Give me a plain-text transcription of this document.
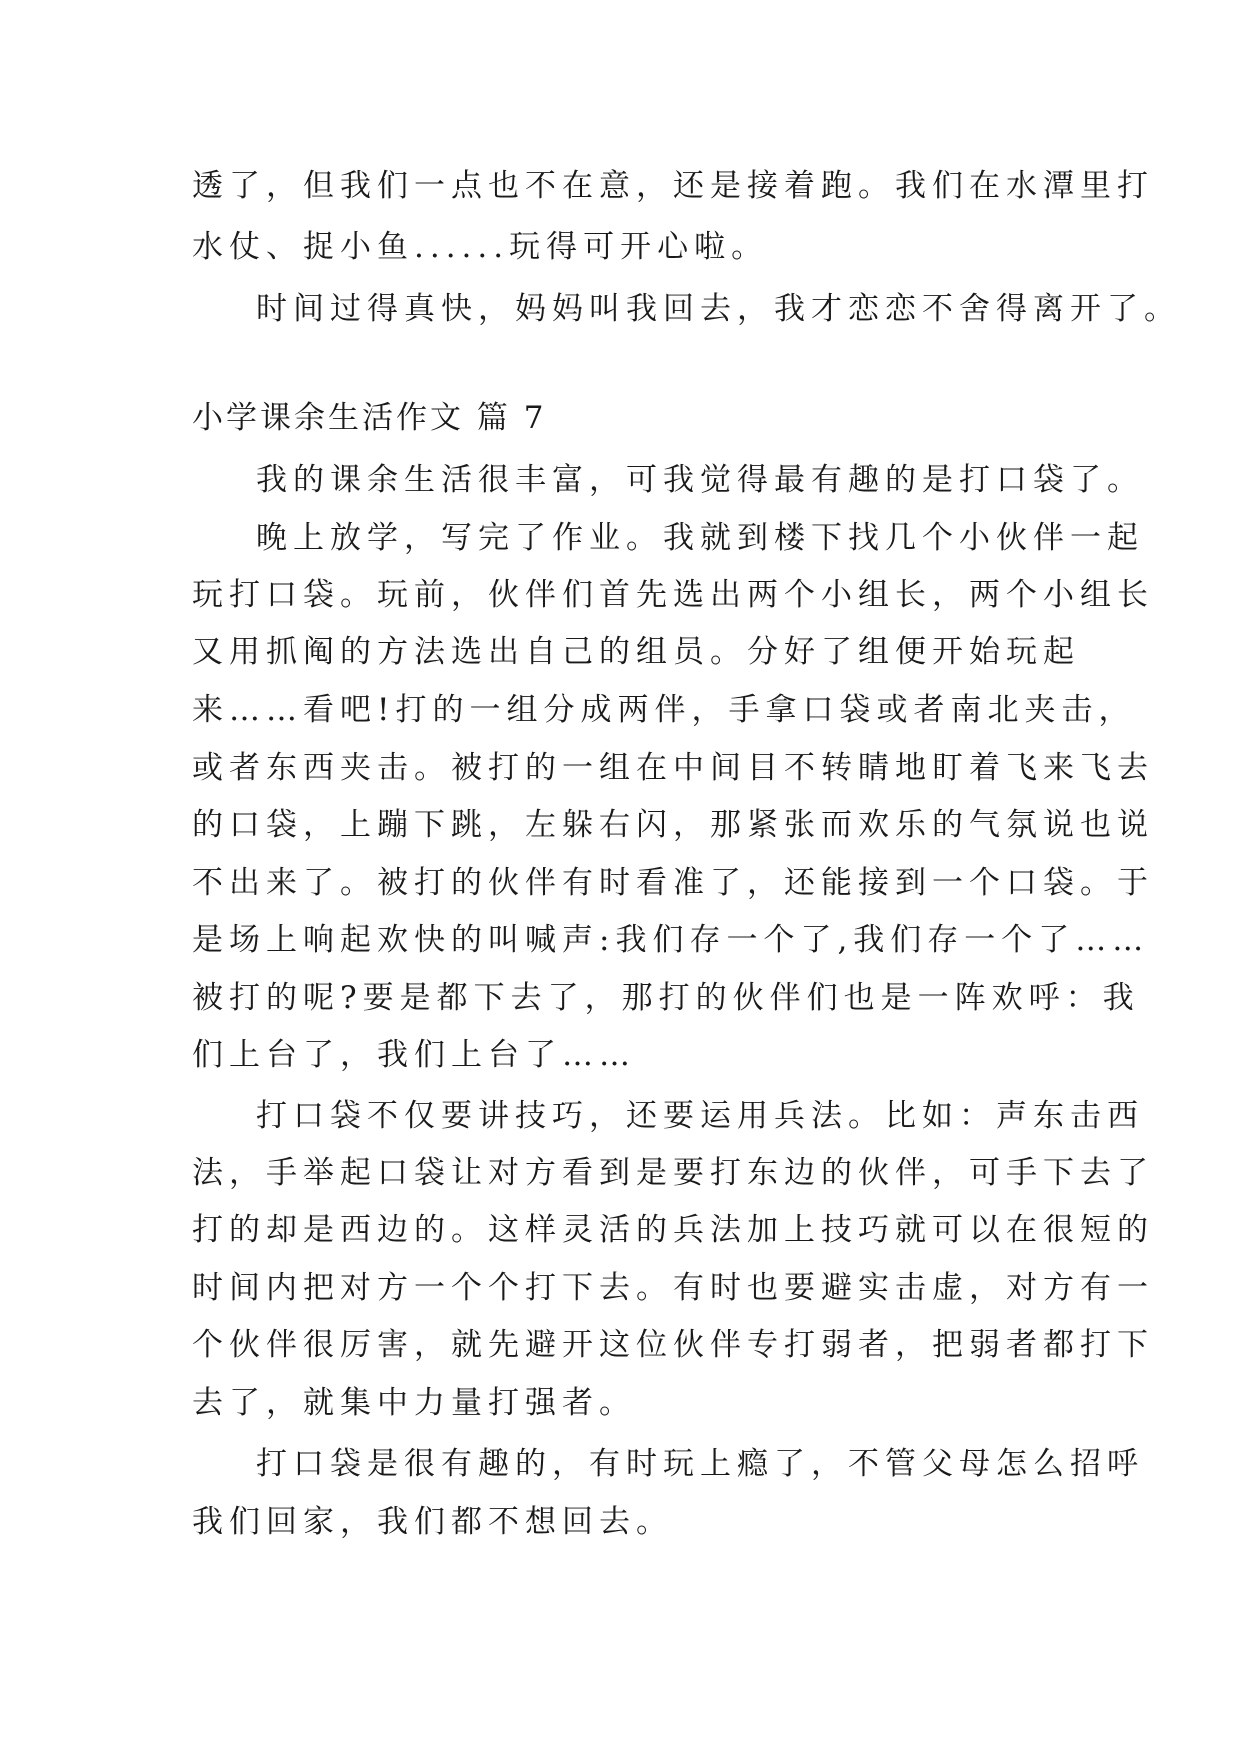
透了，但我们一点也不在意，还是接着跑。我们在水潭里打
水仗、捉小鱼......玩得可开心啦。
时间过得真快，妈妈叫我回去，我才恋恋不舍得离开了。
小学课余生活作文 篇 7
我的课余生活很丰富，可我觉得最有趣的是打口袋了。
晚上放学，写完了作业。我就到楼下找几个小伙伴一起
玩打口袋。玩前，伙伴们首先选出两个小组长，两个小组长
又用抓阄的方法选出自己的组员。分好了组便开始玩起
来……看吧!打的一组分成两伴，手拿口袋或者南北夹击，
或者东西夹击。被打的一组在中间目不转睛地盯着飞来飞去
的口袋，上蹦下跳，左躲右闪，那紧张而欢乐的气氛说也说
不出来了。被打的伙伴有时看准了，还能接到一个口袋。于
是场上响起欢快的叫喊声:我们存一个了,我们存一个了……
被打的呢?要是都下去了，那打的伙伴们也是一阵欢呼：我
们上台了，我们上台了……
打口袋不仅要讲技巧，还要运用兵法。比如：声东击西
法，手举起口袋让对方看到是要打东边的伙伴，可手下去了
打的却是西边的。这样灵活的兵法加上技巧就可以在很短的
时间内把对方一个个打下去。有时也要避实击虚，对方有一
个伙伴很厉害，就先避开这位伙伴专打弱者，把弱者都打下
去了，就集中力量打强者。
打口袋是很有趣的，有时玩上瘾了，不管父母怎么招呼
我们回家，我们都不想回去。
